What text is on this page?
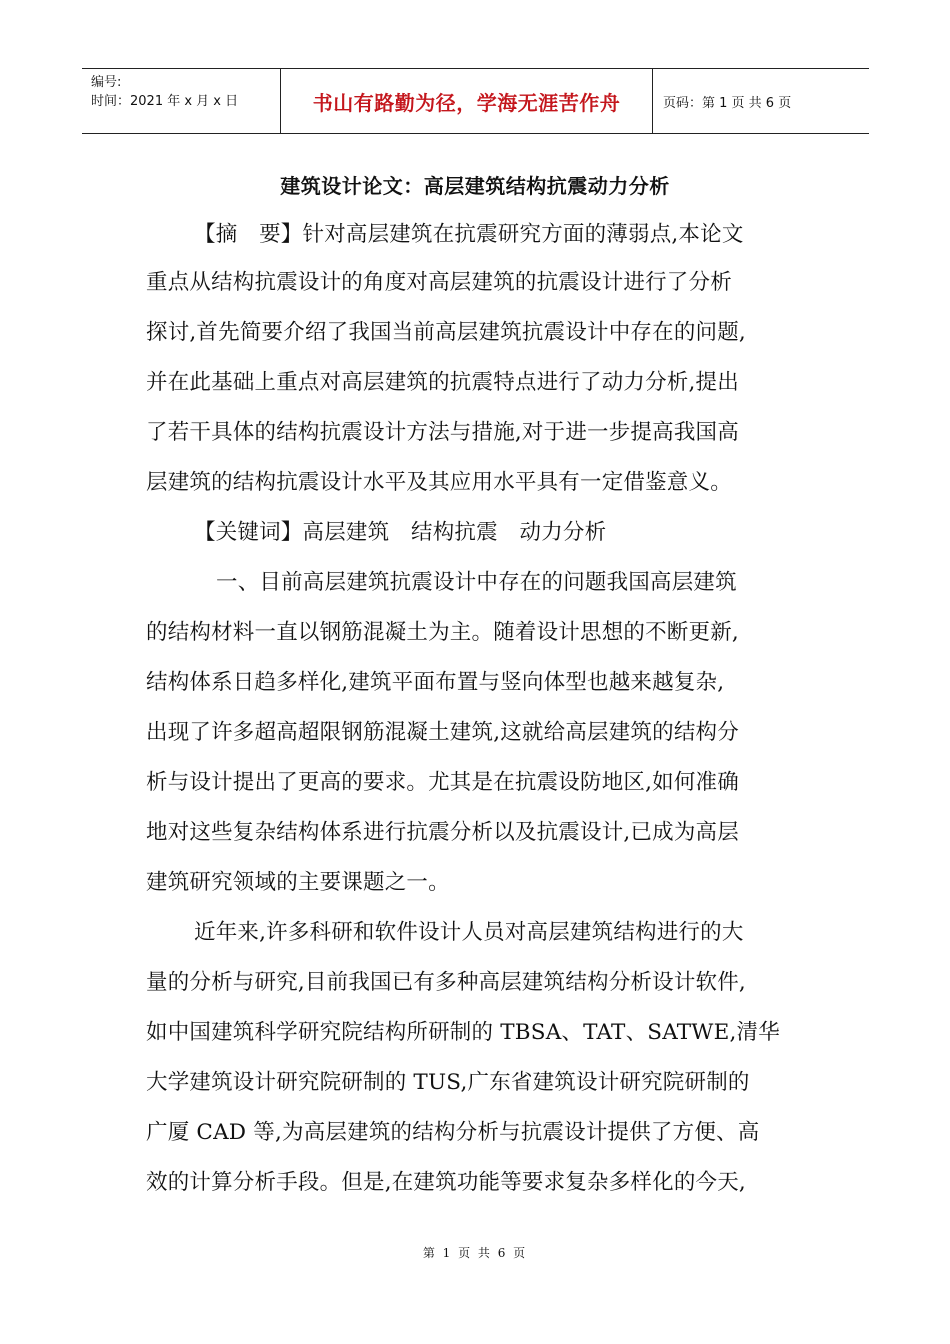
编号:
时间：2021 年 x 月 x 日	书山有路勤为径，学海无涯苦作舟	页码：第 1 页 共 6 页
建筑设计论文：高层建筑结构抗震动力分析
【摘　要】针对高层建筑在抗震研究方面的薄弱点,本论文
重点从结构抗震设计的角度对高层建筑的抗震设计进行了分析
探讨,首先简要介绍了我国当前高层建筑抗震设计中存在的问题,
并在此基础上重点对高层建筑的抗震特点进行了动力分析,提出
了若干具体的结构抗震设计方法与措施,对于进一步提高我国高
层建筑的结构抗震设计水平及其应用水平具有一定借鉴意义。
【关键词】高层建筑　结构抗震　动力分析
一、目前高层建筑抗震设计中存在的问题我国高层建筑
的结构材料一直以钢筋混凝土为主。随着设计思想的不断更新,
结构体系日趋多样化,建筑平面布置与竖向体型也越来越复杂,
出现了许多超高超限钢筋混凝土建筑,这就给高层建筑的结构分
析与设计提出了更高的要求。尤其是在抗震设防地区,如何准确
地对这些复杂结构体系进行抗震分析以及抗震设计,已成为高层
建筑研究领域的主要课题之一。
近年来,许多科研和软件设计人员对高层建筑结构进行的大
量的分析与研究,目前我国已有多种高层建筑结构分析设计软件,
如中国建筑科学研究院结构所研制的 TBSA、TAT、SATWE,清华
大学建筑设计研究院研制的 TUS,广东省建筑设计研究院研制的
广厦 CAD 等,为高层建筑的结构分析与抗震设计提供了方便、高
效的计算分析手段。但是,在建筑功能等要求复杂多样化的今天,
第 1 页 共 6 页
